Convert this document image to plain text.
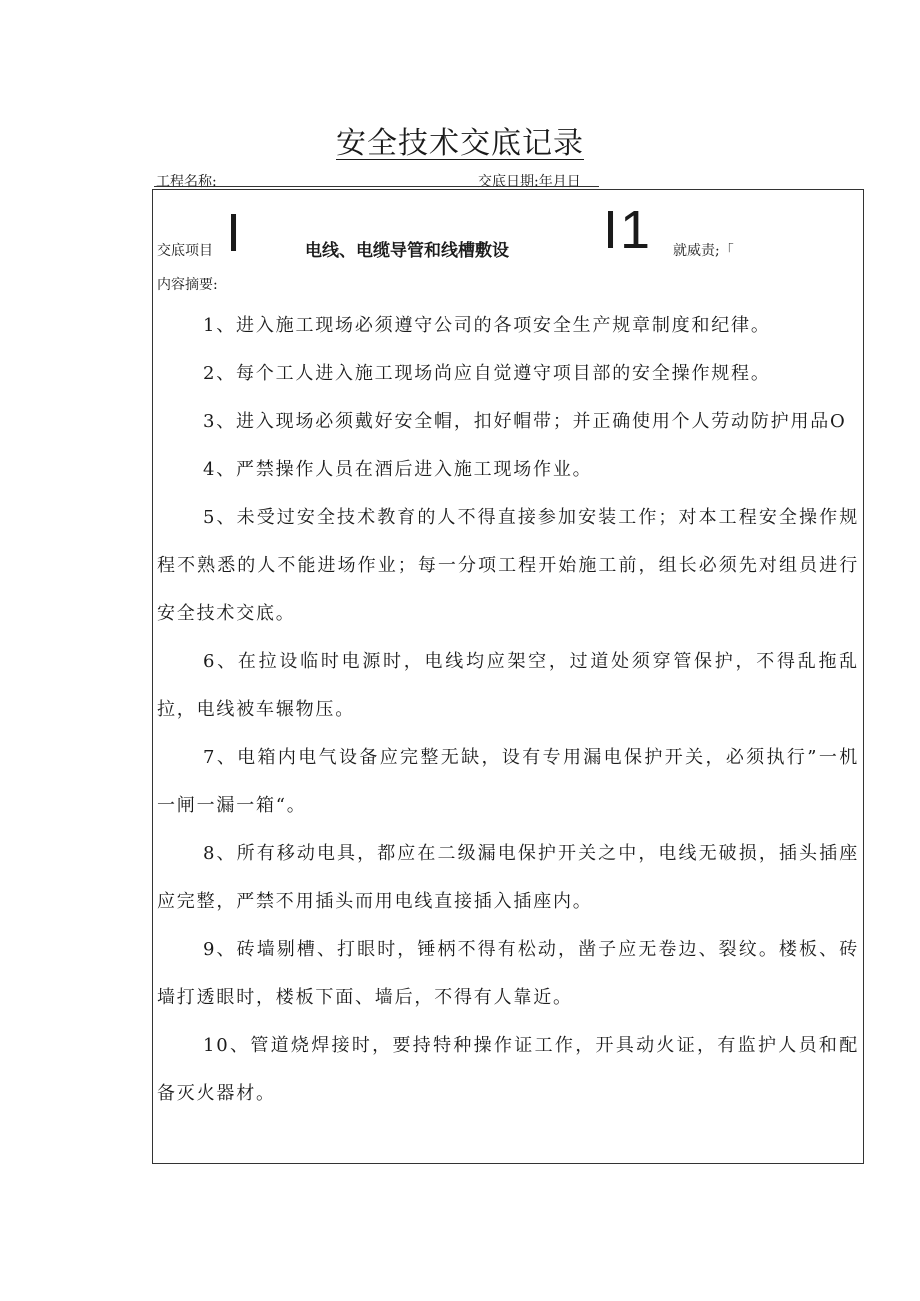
安全技术交底记录
工程名称:	交底日期:年月日
交底项目 I	电线、电缆导管和线槽敷设 I1 就威责;「
内容摘要:

1、进入施工现场必须遵守公司的各项安全生产规章制度和纪律。

2、每个工人进入施工现场尚应自觉遵守项目部的安全操作规程。

3、进入现场必须戴好安全帽，扣好帽带；并正确使用个人劳动防护用品O

4、严禁操作人员在酒后进入施工现场作业。

5、未受过安全技术教育的人不得直接参加安装工作；对本工程安全操作规程不熟悉的人不能进场作业；每一分项工程开始施工前，组长必须先对组员进行安全技术交底。

6、在拉设临时电源时，电线均应架空，过道处须穿管保护，不得乱拖乱拉，电线被车辗物压。

7、电箱内电气设备应完整无缺，设有专用漏电保护开关，必须执行”一机一闸一漏一箱“。

8、所有移动电具，都应在二级漏电保护开关之中，电线无破损，插头插座应完整，严禁不用插头而用电线直接插入插座内。

9、砖墙剔槽、打眼时，锤柄不得有松动，凿子应无卷边、裂纹。楼板、砖墙打透眼时，楼板下面、墙后，不得有人靠近。

10、管道烧焊接时，要持特种操作证工作，开具动火证，有监护人员和配备灭火器材。
